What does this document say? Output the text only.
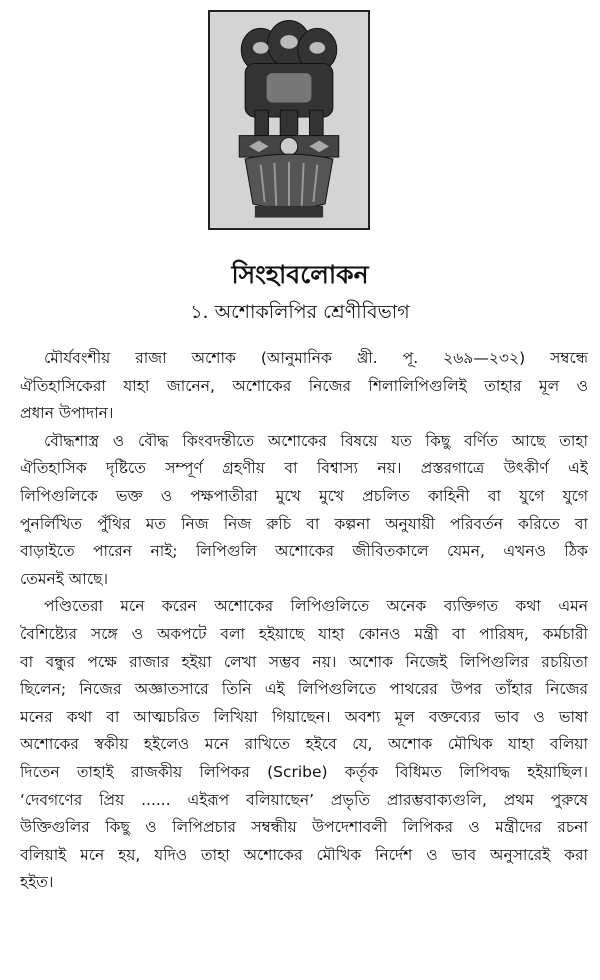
সিংহাবলোকন
১. অশোকলিপির শ্রেণীবিভাগ
মৌর্যবংশীয় রাজা অশোক (আনুমানিক খ্রী. পূ. ২৬৯—২৩২) সম্বন্ধে
ঐতিহাসিকেরা যাহা জানেন, অশোকের নিজের শিলালিপিগুলিই তাহার মূল ও
প্রধান উপাদান।
বৌদ্ধশাস্ত্র ও বৌদ্ধ কিংবদন্তীতে অশোকের বিষয়ে যত কিছু বর্ণিত আছে তাহা
ঐতিহাসিক দৃষ্টিতে সম্পূর্ণ গ্রহণীয় বা বিশ্বাস্য নয়। প্রস্তরগাত্রে উৎকীর্ণ এই
লিপিগুলিকে ভক্ত ও পক্ষপাতীরা মুখে মুখে প্রচলিত কাহিনী বা যুগে যুগে
পুনর্লিখিত পুঁথির মত নিজ নিজ রুচি বা কল্পনা অনুযায়ী পরিবর্তন করিতে বা
বাড়াইতে পারেন নাই; লিপিগুলি অশোকের জীবিতকালে যেমন, এখনও ঠিক
তেমনই আছে।
পণ্ডিতেরা মনে করেন অশোকের লিপিগুলিতে অনেক ব্যক্তিগত কথা এমন
বৈশিষ্ট্যের সঙ্গে ও অকপটে বলা হইয়াছে যাহা কোনও মন্ত্রী বা পারিষদ, কর্মচারী
বা বন্ধুর পক্ষে রাজার হইয়া লেখা সম্ভব নয়। অশোক নিজেই লিপিগুলির রচয়িতা
ছিলেন; নিজের অজ্ঞাতসারে তিনি এই লিপিগুলিতে পাথরের উপর তাঁহার নিজের
মনের কথা বা আত্মচরিত লিখিয়া গিয়াছেন। অবশ্য মূল বক্তব্যের ভাব ও ভাষা
অশোকের স্বকীয় হইলেও মনে রাখিতে হইবে যে, অশোক মৌখিক যাহা বলিয়া
দিতেন তাহাই রাজকীয় লিপিকর (Scribe) কর্তৃক বিধিমত লিপিবদ্ধ হইয়াছিল।
‘দেবগণের প্রিয় ...... এইরূপ বলিয়াছেন’ প্রভৃতি প্রারম্ভবাক্যগুলি, প্রথম পুরুষে
উক্তিগুলির কিছু ও লিপিপ্রচার সম্বন্ধীয় উপদেশাবলী লিপিকর ও মন্ত্রীদের রচনা
বলিয়াই মনে হয়, যদিও তাহা অশোকের মৌখিক নির্দেশ ও ভাব অনুসারেই করা
হইত।
